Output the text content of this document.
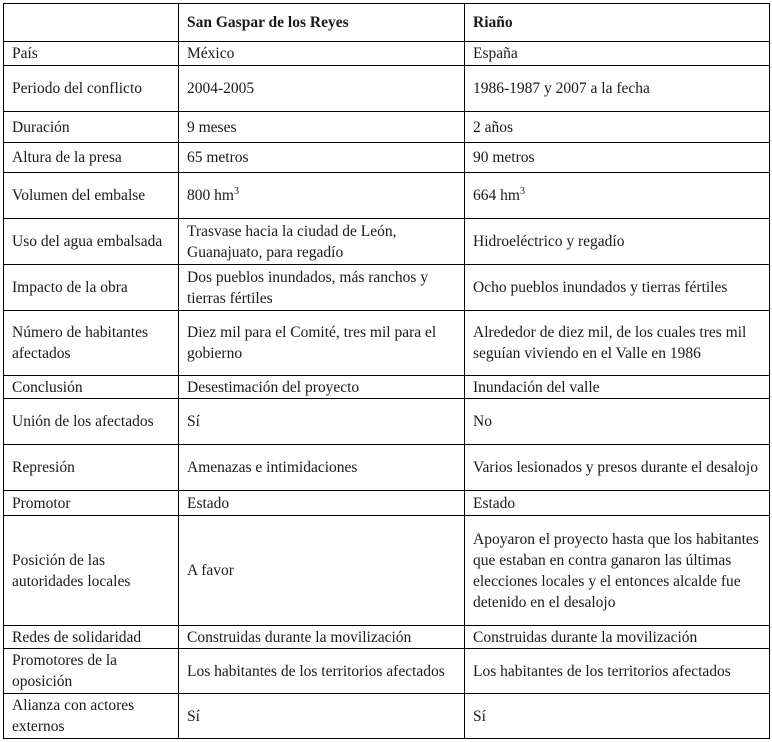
	San Gaspar de los Reyes	Riaño
País	México	España
Periodo del conflicto	2004-2005	1986-1987 y 2007 a la fecha
Duración	9 meses	2 años
Altura de la presa	65 metros	90 metros
Volumen del embalse	800 $hm^3$	664 $hm^3$
Uso del agua embalsada	Trasvase hacia la ciudad de León, Guanajuato, para regadío	Hidroeléctrico y regadío
Impacto de la obra	Dos pueblos inundados, más ranchos y tierras fértiles	Ocho pueblos inundados y tierras fértiles
Número de habitantes afectados	Diez mil para el Comité, tres mil para el gobierno	Alrededor de diez mil, de los cuales tres mil seguían viviendo en el Valle en 1986
Conclusión	Desestimación del proyecto	Inundación del valle
Unión de los afectados	Sí	No
Represión	Amenazas e intimidaciones	Varios lesionados y presos durante el desalojo
Promotor	Estado	Estado
Posición de las autoridades locales	A favor	Apoyaron el proyecto hasta que los habitantes que estaban en contra ganaron las últimas elecciones locales y el entonces alcalde fue detenido en el desalojo
Redes de solidaridad	Construidas durante la movilización	Construidas durante la movilización
Promotores de la oposición	Los habitantes de los territorios afectados	Los habitantes de los territorios afectados
Alianza con actores externos	Sí	Sí
